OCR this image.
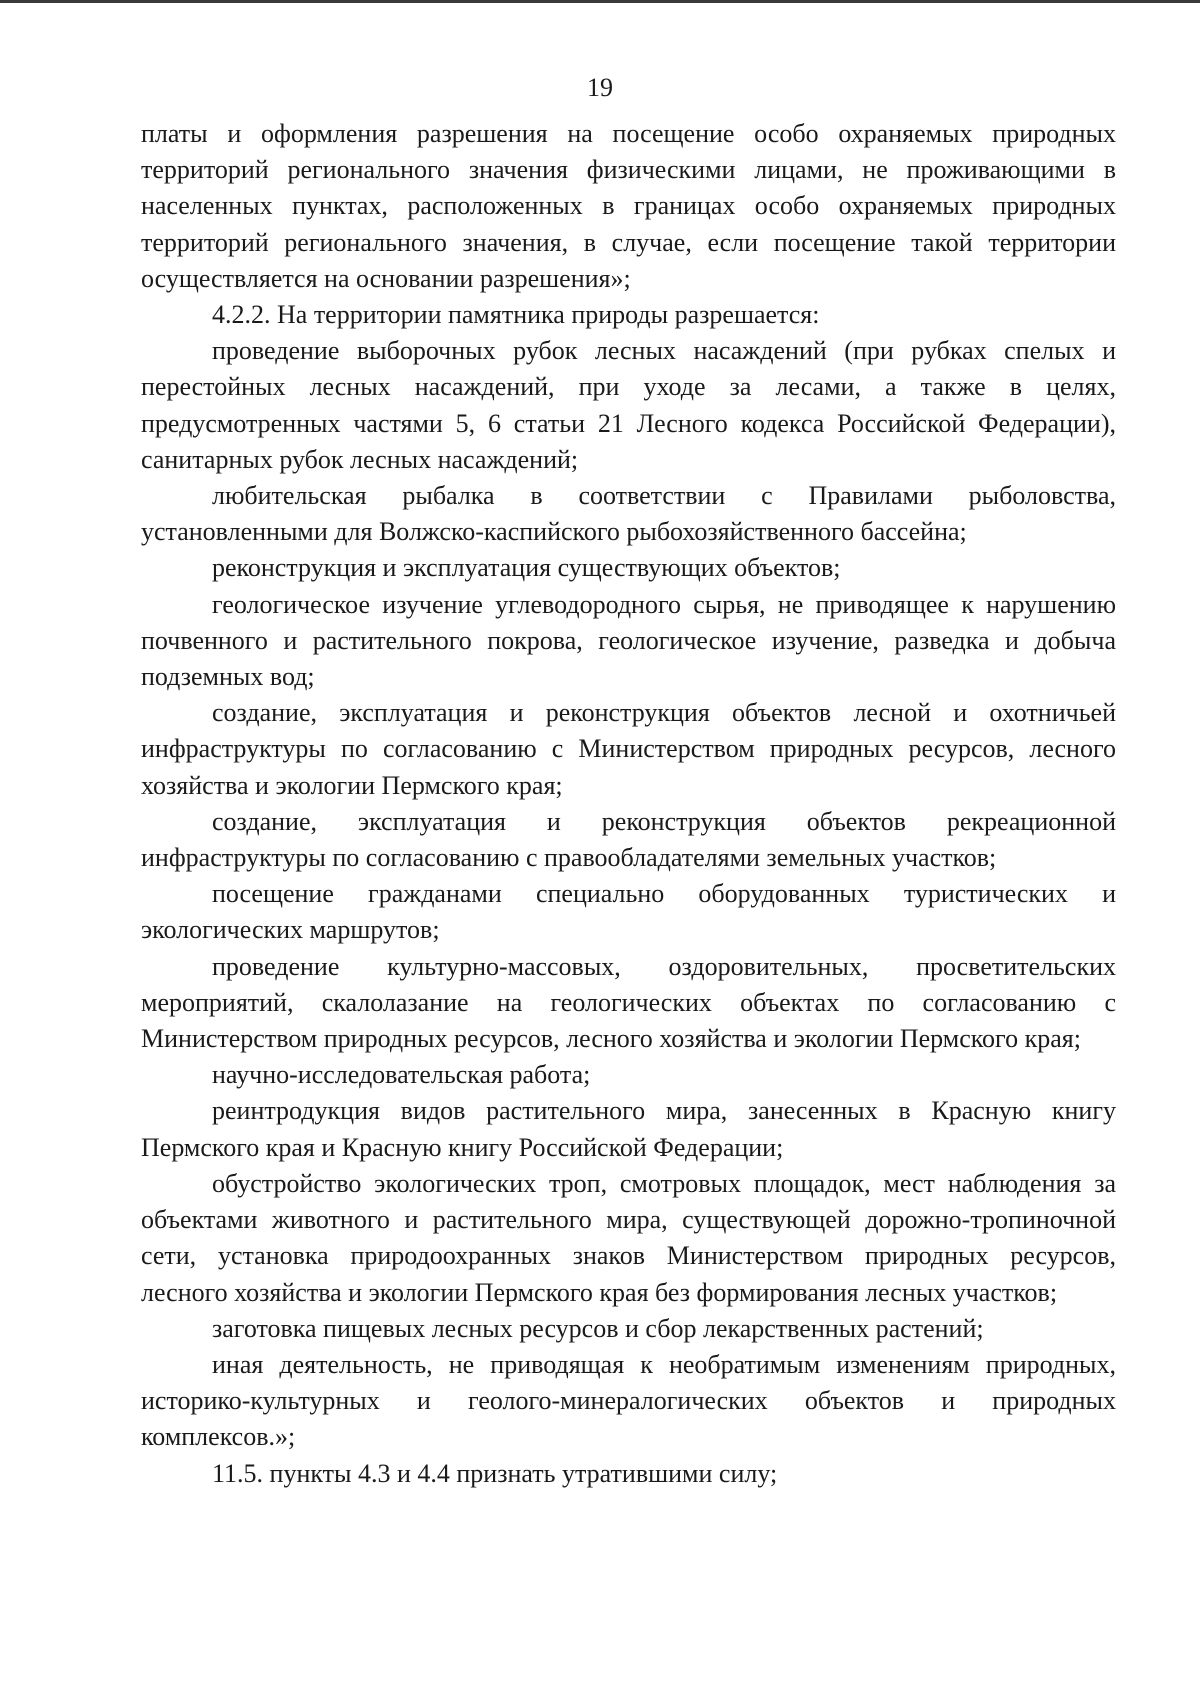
19

платы и оформления разрешения на посещение особо охраняемых природных территорий регионального значения физическими лицами, не проживающими в населенных пунктах, расположенных в границах особо охраняемых природных территорий регионального значения, в случае, если посещение такой территории осуществляется на основании разрешения»;

4.2.2. На территории памятника природы разрешается:

проведение выборочных рубок лесных насаждений (при рубках спелых и перестойных лесных насаждений, при уходе за лесами, а также в целях, предусмотренных частями 5, 6 статьи 21 Лесного кодекса Российской Федерации), санитарных рубок лесных насаждений;

любительская рыбалка в соответствии с Правилами рыболовства, установленными для Волжско-каспийского рыбохозяйственного бассейна;

реконструкция и эксплуатация существующих объектов;

геологическое изучение углеводородного сырья, не приводящее к нарушению почвенного и растительного покрова, геологическое изучение, разведка и добыча подземных вод;

создание, эксплуатация и реконструкция объектов лесной и охотничьей инфраструктуры по согласованию с Министерством природных ресурсов, лесного хозяйства и экологии Пермского края;

создание, эксплуатация и реконструкция объектов рекреационной инфраструктуры по согласованию с правообладателями земельных участков;

посещение гражданами специально оборудованных туристических и экологических маршрутов;

проведение культурно-массовых, оздоровительных, просветительских мероприятий, скалолазание на геологических объектах по согласованию с Министерством природных ресурсов, лесного хозяйства и экологии Пермского края;

научно-исследовательская работа;

реинтродукция видов растительного мира, занесенных в Красную книгу Пермского края и Красную книгу Российской Федерации;

обустройство экологических троп, смотровых площадок, мест наблюдения за объектами животного и растительного мира, существующей дорожно-тропиночной сети, установка природоохранных знаков Министерством природных ресурсов, лесного хозяйства и экологии Пермского края без формирования лесных участков;

заготовка пищевых лесных ресурсов и сбор лекарственных растений;

иная деятельность, не приводящая к необратимым изменениям природных, историко-культурных и геолого-минералогических объектов и природных комплексов.»;

11.5. пункты 4.3 и 4.4 признать утратившими силу;
